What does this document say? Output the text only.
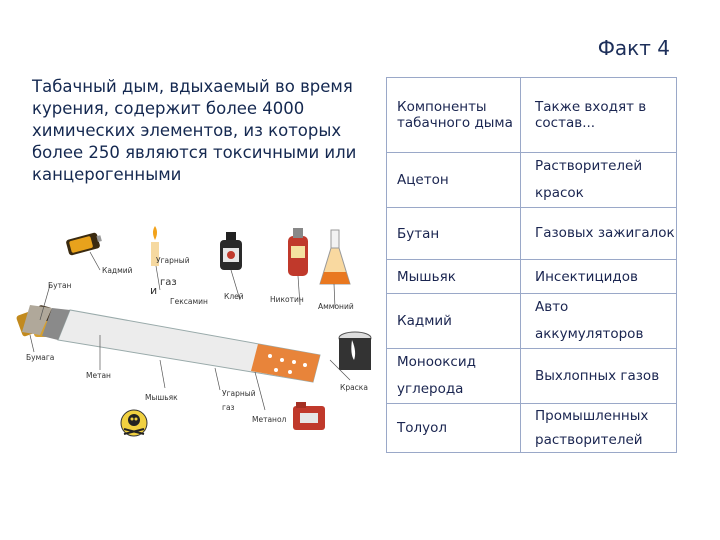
Факт 4
Табачный дым, вдыхаемый во время курения, содержит более 4000 химических элементов, из которых более 250 являются токсичными или канцерогенными
Кадмий
Бутан
Угарный
и
газ
Гексамин
Клей	Никотин
Аммоний
Бумага
Метан
Мышьяк	Угарный
газ
Метанол
Краска
Компоненты табачного дыма	Также входят в состав...
Ацетон	Растворителей красок
Бутан	Газовых зажигалок
Мышьяк	Инсектицидов
Кадмий	Авто аккумуляторов
Моноoксид углерода	Выхлопных газов
Толуол	Промышленных растворителей
